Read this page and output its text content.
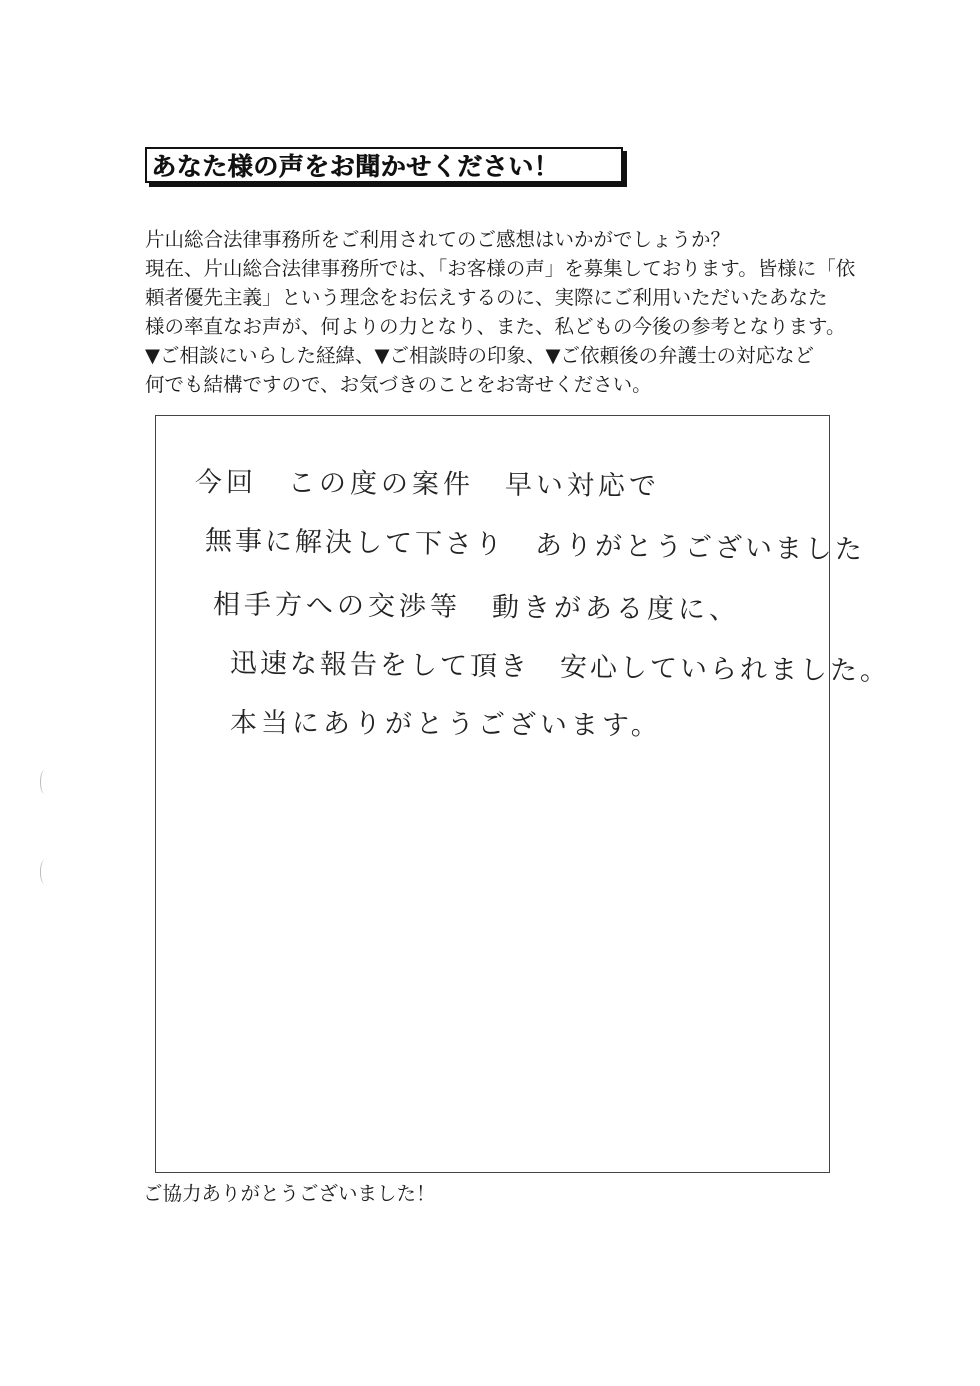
あなた様の声をお聞かせください！
片山総合法律事務所をご利用されてのご感想はいかがでしょうか？
現在、片山総合法律事務所では、「お客様の声」を募集しております。皆様に「依
頼者優先主義」という理念をお伝えするのに、実際にご利用いただいたあなた
様の率直なお声が、何よりの力となり、また、私どもの今後の参考となります。
▼ご相談にいらした経緯、▼ご相談時の印象、▼ご依頼後の弁護士の対応など
何でも結構ですので、お気づきのことをお寄せください。
今回　この度の案件　早い対応で
無事に解決して下さり　ありがとうございました
相手方への交渉等　動きがある度に、
迅速な報告をして頂き　安心していられました。
本当にありがとうございます。
ご協力ありがとうございました！
